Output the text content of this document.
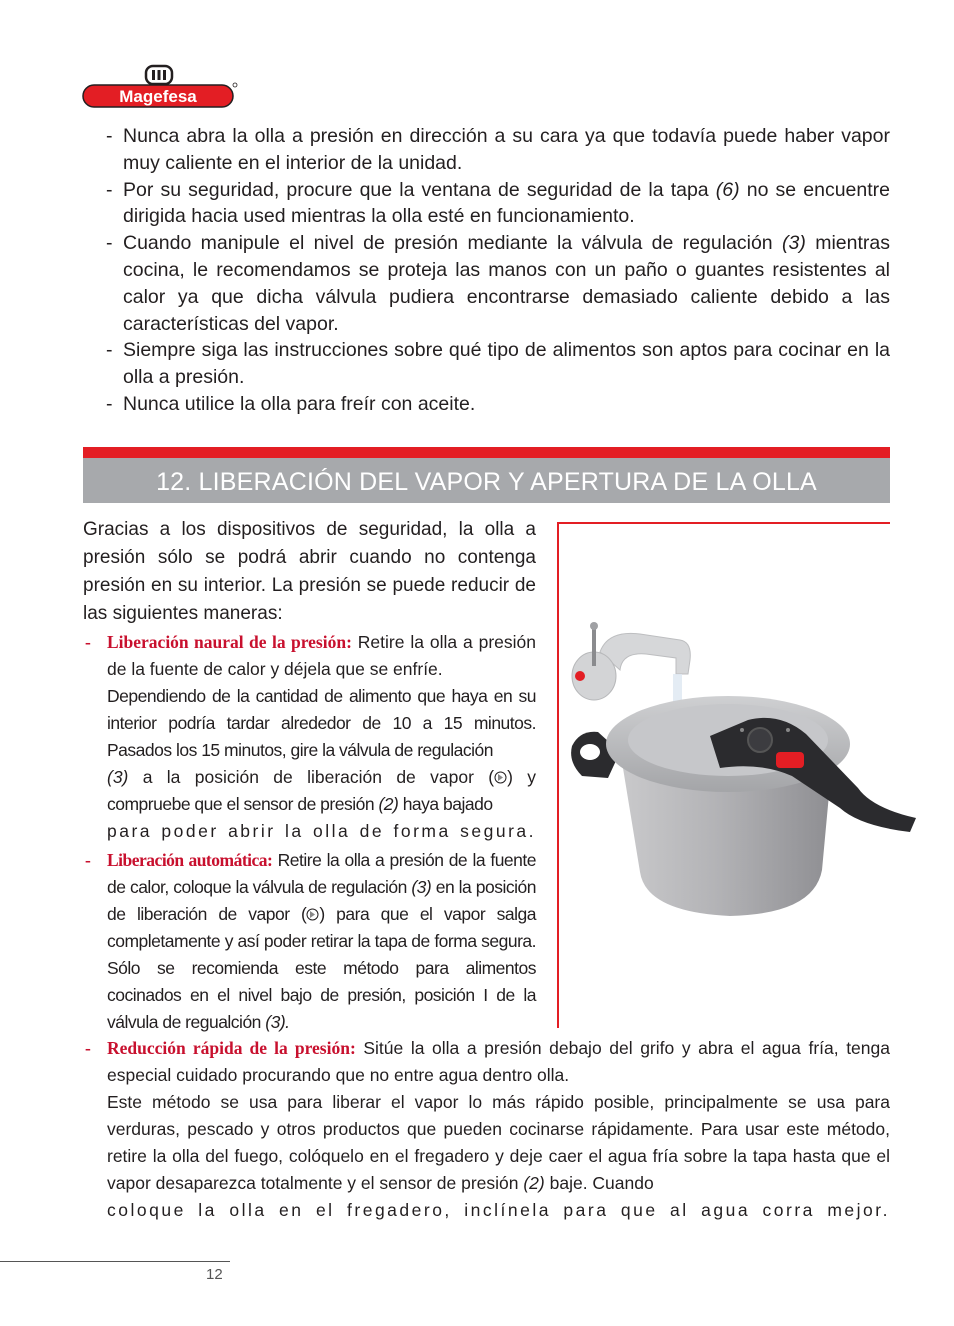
Magefesa
- Nunca abra la olla a presión en dirección a su cara ya que todavía puede haber vapor muy caliente en el interior de la unidad.
- Por su seguridad, procure que la ventana de seguridad de la tapa (6) no se encuentre dirigida hacia used mientras la olla esté en funcionamiento.
- Cuando manipule el nivel de presión mediante la válvula de regulación (3) mientras cocina, le recomendamos se proteja las manos con un paño o guantes resistentes al calor ya que dicha válvula pudiera encontrarse demasiado caliente debido a las características del vapor.
- Siempre siga las instrucciones sobre qué tipo de alimentos son aptos para cocinar en la olla a presión.
- Nunca utilice la olla para freír con aceite.
12. LIBERACIÓN DEL VAPOR Y APERTURA DE LA OLLA
Gracias a los dispositivos de seguridad, la olla a presión sólo se podrá abrir cuando no contenga presión en su interior. La presión se puede reducir de las siguientes maneras:
- Liberación naural de la presión: Retire la olla a presión de la fuente de calor y déjela que se enfríe.

Dependiendo de la cantidad de alimento que haya en su interior podría tardar alrededor de 10 a 15 minutos. Pasados los 15 minutos, gire la válvula de regulación

(3) a la posición de liberación de vapor ( ) y

compruebe que el sensor de presión (2) haya bajado

para poder abrir la olla de forma segura.

- Liberación automática: Retire la olla a presión de la fuente de calor, coloque la válvula de regulación (3) en la posición de liberación de vapor ( ) para que el vapor salga completamente y así poder retirar la tapa de forma segura. Sólo se recomienda este método para alimentos cocinados en el nivel bajo de presión, posición I de la válvula de regualción (3).

- Reducción rápida de la presión: Sitúe la olla a presión debajo del grifo y abra el agua fría, tenga especial cuidado procurando que no entre agua dentro olla.

Este método se usa para liberar el vapor lo más rápido posible, principalmente se usa para verduras, pescado y otros productos que pueden cocinarse rápidamente. Para usar este método, retire la olla del fuego, colóquelo en el fregadero y deje caer el agua fría sobre la tapa hasta que el vapor desaparezca totalmente y el sensor de presión (2) baje. Cuando

coloque la olla en el fregadero, inclínela para que al agua corra mejor.

12
